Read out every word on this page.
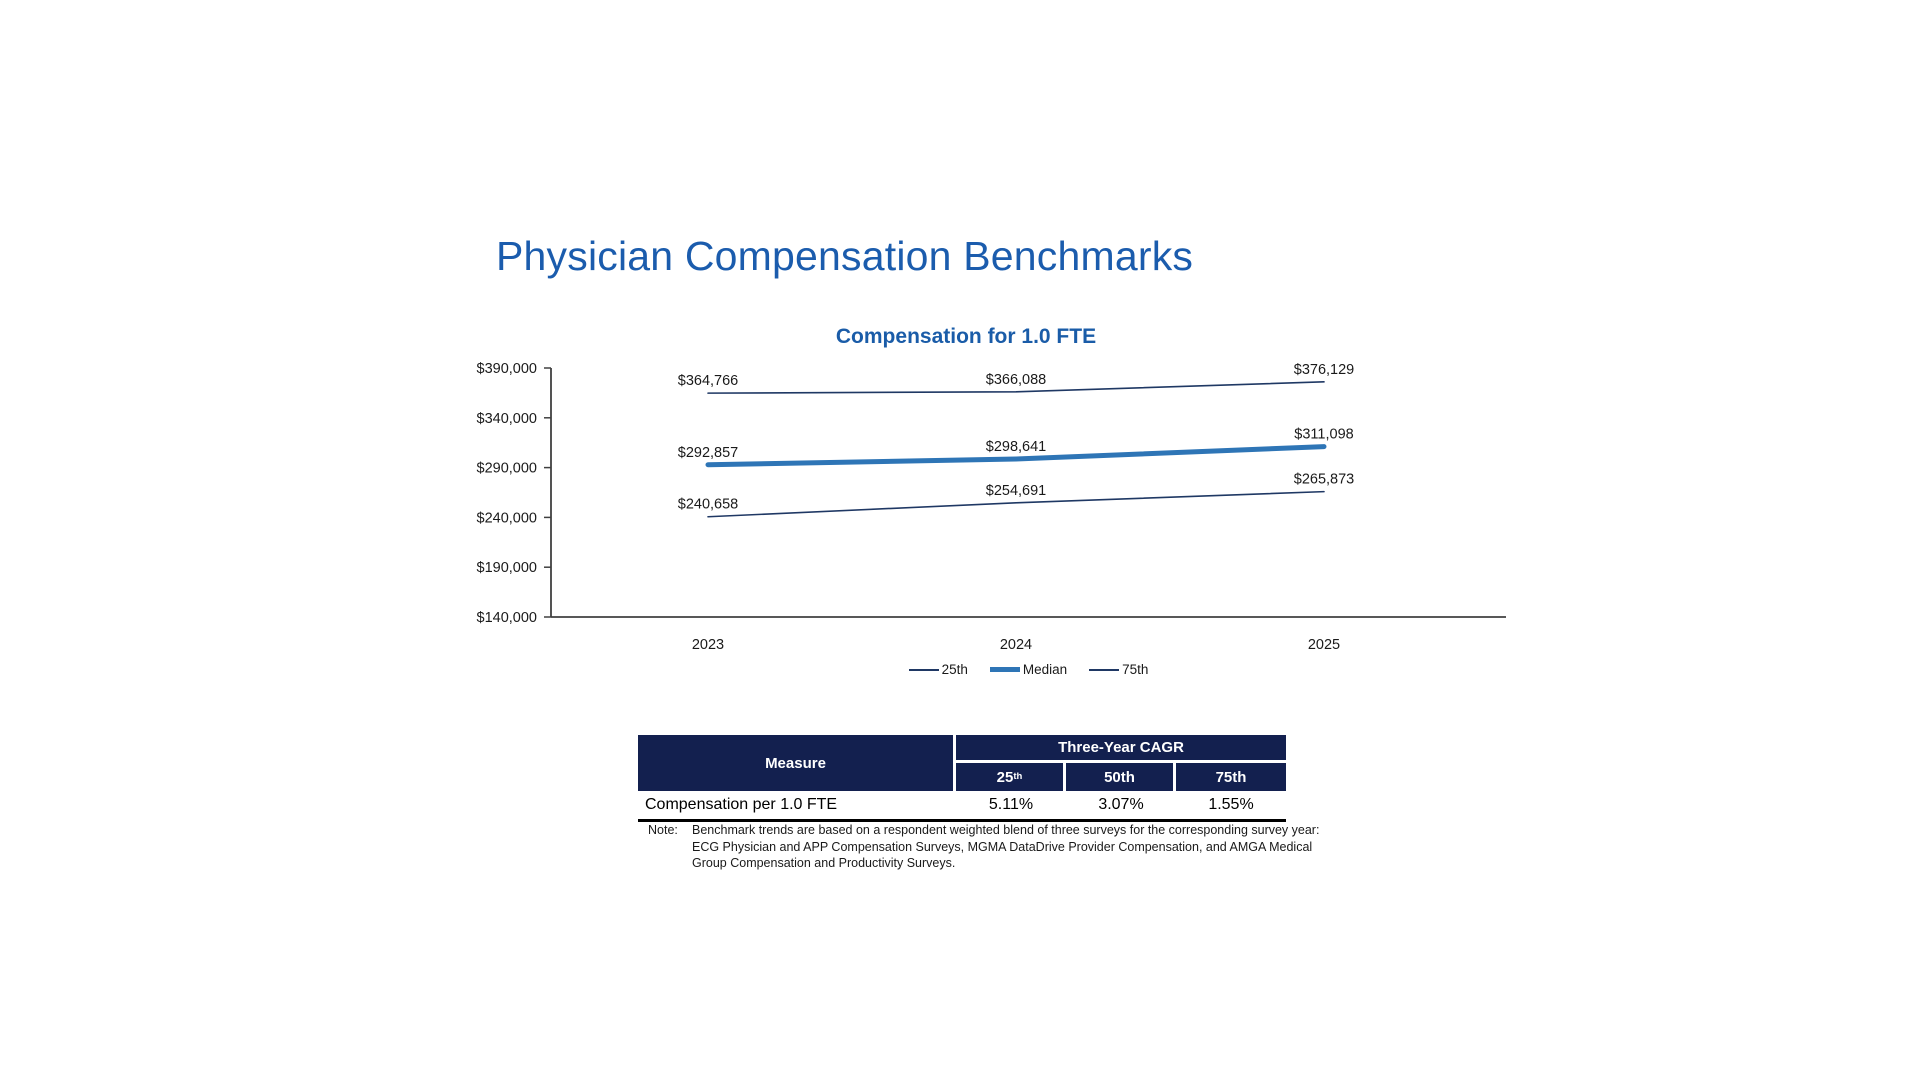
Physician Compensation Benchmarks
Compensation for 1.0 FTE
$390,000
$340,000
$290,000
$240,000
$190,000
$140,000
2023	2024	2025
$240,658
$254,691
$265,873
$292,857	$298,641
$311,098
$364,766	$366,088
$376,129
25th	Median	75th
Measure
Three-Year CAGR
25 th	50th	75th
Compensation per 1.0 FTE	5.11%	3.07%	1.55%
Note:	Benchmark trends are based on a respondent weighted blend of three surveys for the corresponding survey year:
ECG Physician and APP Compensation Surveys, MGMA DataDrive Provider Compensation, and AMGA Medical
Group Compensation and Productivity Surveys.
